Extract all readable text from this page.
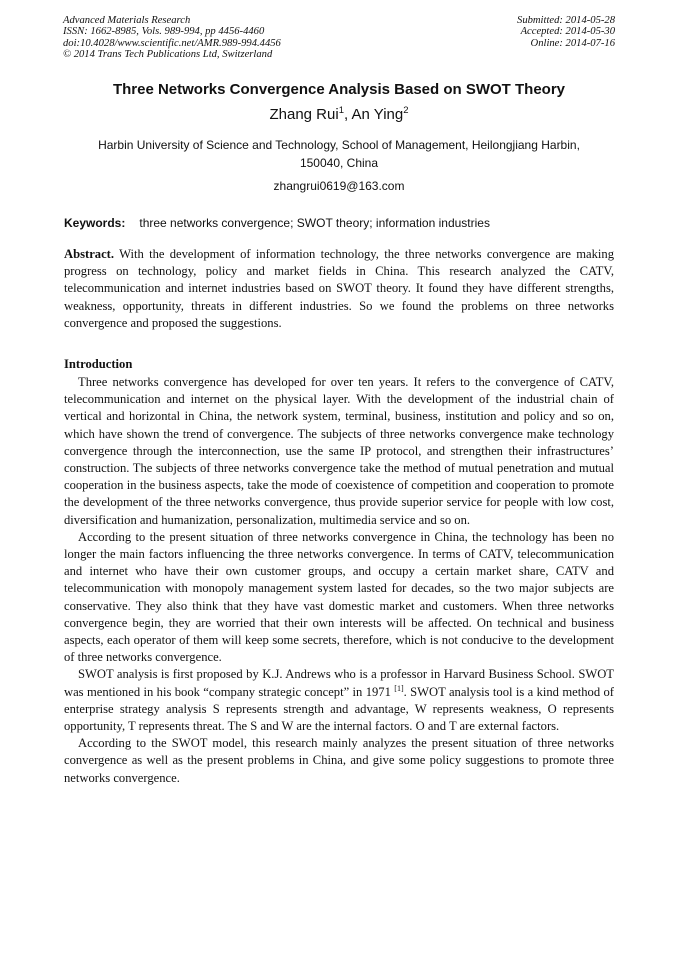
Advanced Materials Research
ISSN: 1662-8985, Vols. 989-994, pp 4456-4460
doi:10.4028/www.scientific.net/AMR.989-994.4456
© 2014 Trans Tech Publications Ltd, Switzerland
Submitted: 2014-05-28
Accepted: 2014-05-30
Online: 2014-07-16
Three Networks Convergence Analysis Based on SWOT Theory
Zhang Rui$^1$, An Ying$^2$
Harbin University of Science and Technology, School of Management, Heilongjiang Harbin, 150040, China
zhangrui0619@163.com
Keywords: three networks convergence; SWOT theory; information industries
Abstract. With the development of information technology, the three networks convergence are making progress on technology, policy and market fields in China. This research analyzed the CATV, telecommunication and internet industries based on SWOT theory. It found they have different strengths, weakness, opportunity, threats in different industries. So we found the problems on three networks convergence and proposed the suggestions.
Introduction

Three networks convergence has developed for over ten years. It refers to the convergence of CATV, telecommunication and internet on the physical layer. With the development of the industrial chain of vertical and horizontal in China, the network system, terminal, business, institution and policy and so on, which have shown the trend of convergence. The subjects of three networks convergence make technology convergence through the interconnection, use the same IP protocol, and strengthen their infrastructures’ construction. The subjects of three networks convergence take the method of mutual penetration and mutual cooperation in the business aspects, take the mode of coexistence of competition and cooperation to promote the development of the three networks convergence, thus provide superior service for people with low cost, diversification and humanization, personalization, multimedia service and so on.

According to the present situation of three networks convergence in China, the technology has been no longer the main factors influencing the three networks convergence. In terms of CATV, telecommunication and internet who have their own customer groups, and occupy a certain market share, CATV and telecommunication with monopoly management system lasted for decades, so the two major subjects are conservative. They also think that they have vast domestic market and customers. When three networks convergence begin, they are worried that their own interests will be affected. On technical and business aspects, each operator of them will keep some secrets, therefore, which is not conducive to the development of three networks convergence.

SWOT analysis is first proposed by K.J. Andrews who is a professor in Harvard Business School. SWOT was mentioned in his book “company strategic concept” in 1971 [1]. SWOT analysis tool is a kind method of enterprise strategy analysis S represents strength and advantage, W represents weakness, O represents opportunity, T represents threat. The S and W are the internal factors. O and T are external factors.

According to the SWOT model, this research mainly analyzes the present situation of three networks convergence as well as the present problems in China, and give some policy suggestions to promote three networks convergence.
